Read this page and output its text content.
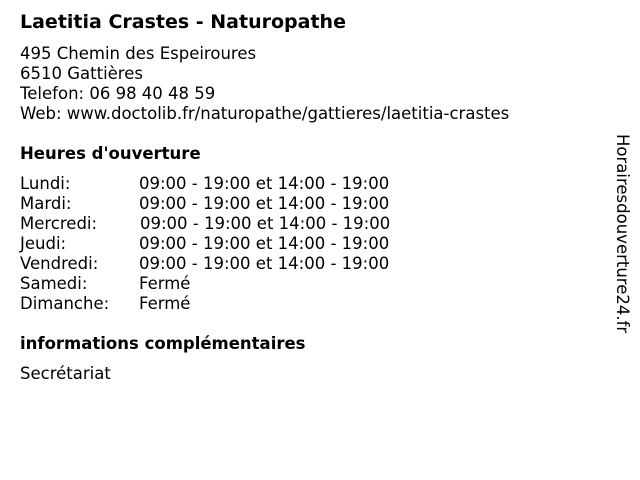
Laetitia Crastes - Naturopathe
495 Chemin des Espeiroures
6510 Gattières
Telefon: 06 98 40 48 59
Web: www.doctolib.fr/naturopathe/gattieres/laetitia-crastes
Heures d'ouverture
Lundi:	09:00 - 19:00 et 14:00 - 19:00
Mardi:	09:00 - 19:00 et 14:00 - 19:00
Mercredi:	09:00 - 19:00 et 14:00 - 19:00
Jeudi:	09:00 - 19:00 et 14:00 - 19:00
Vendredi: 09:00 - 19:00 et 14:00 - 19:00
Samedi:	Fermé
Dimanche: Fermé
informations complémentaires
Secrétariat
Horairesdouverture24.fr
